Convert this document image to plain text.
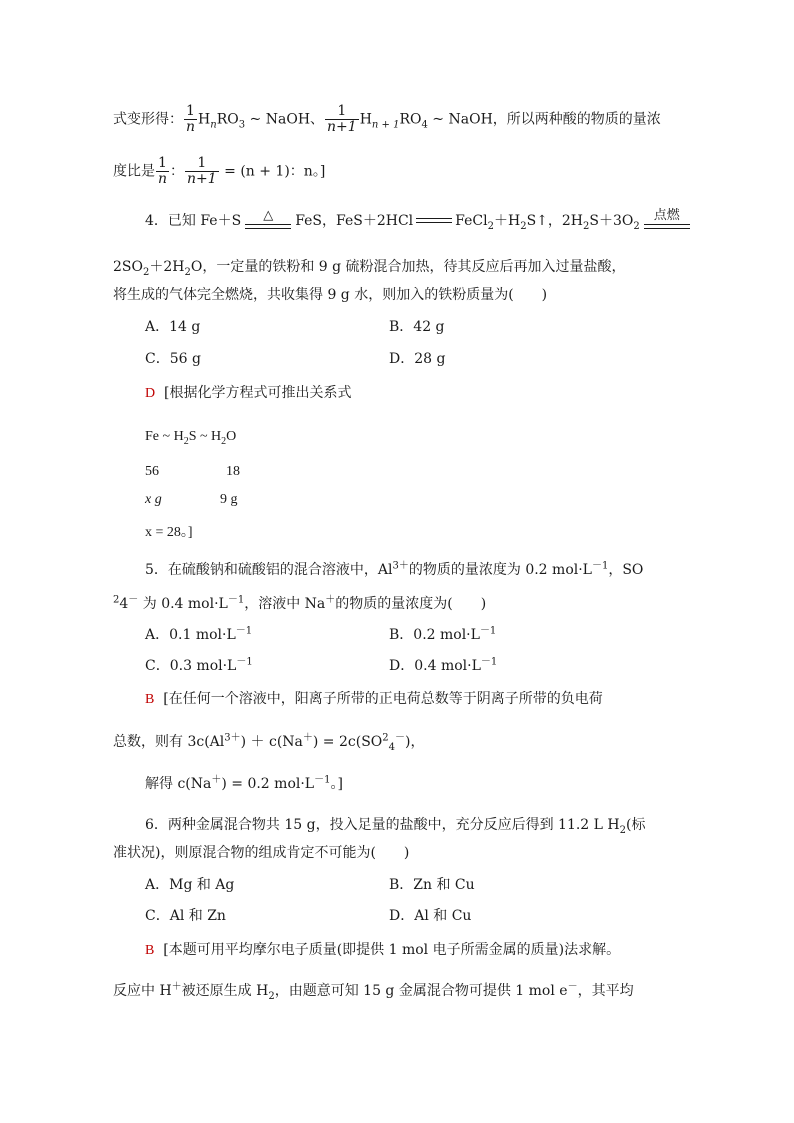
式变形得： $\frac{1}{n} H_nRO_3$ ~ NaOH、 $\frac{1}{n+1} H_{n + 1}RO_4$ ~ NaOH，所以两种酸的物质的量浓
度比是 $\frac{1}{n}$ ： $\frac{1}{n+1} = (n + 1)$：n。]
4．已知 Fe＋S	△	FeS，FeS＋2HCl	$FeCl_2+H_2S↑$，$2H_2S+3O_2$
点燃
$2SO_2+2H_2O$，一定量的铁粉和 9 g 硫粉混合加热，待其反应后再加入过量盐酸，
将生成的气体完全燃烧，共收集得 9 g 水，则加入的铁粉质量为(　　)
A．14 g	B．42 g
C．56 g	D．28 g
D [根据化学方程式可推出关系式
Fe ~ $H_2S$ ~ $H_2O$
56	18
x g	9 g
x = 28。]
5．在硫酸钠和硫酸铝的混合溶液中，$Al^{3+}$的物质的量浓度为 0.2 $mol\cdot L^{-1}$，SO
$^2$4－ 为 0.4 $mol\cdot L^{-1}$，溶液中 Na＋的物质的量浓度为(　　)
A．0.1 $mol\cdot L^{-1}$	B．0.2 $mol\cdot L^{-1}$
C．0.3 $mol\cdot L^{-1}$	D．0.4 $mol\cdot L^{-1}$
B [在任何一个溶液中，阳离子所带的正电荷总数等于阴离子所带的负电荷
总数，则有 $3c(Al^{3+}) + c(Na^+) = 2c(SO^2_4^-)$，
解得 c(Na＋) = 0.2 $mol\cdot L^{-1}$。]
6．两种金属混合物共 15 g，投入足量的盐酸中，充分反应后得到 11.2 L $H_2$(标
准状况)，则原混合物的组成肯定不可能为(　　)
A．Mg 和 Ag	B．Zn 和 Cu
C．Al 和 Zn	D．Al 和 Cu
B [本题可用平均摩尔电子质量(即提供 1 mol 电子所需金属的质量)法求解。
反应中 H＋被还原生成 $H_2$，由题意可知 15 g 金属混合物可提供 1 mol e－，其平均
